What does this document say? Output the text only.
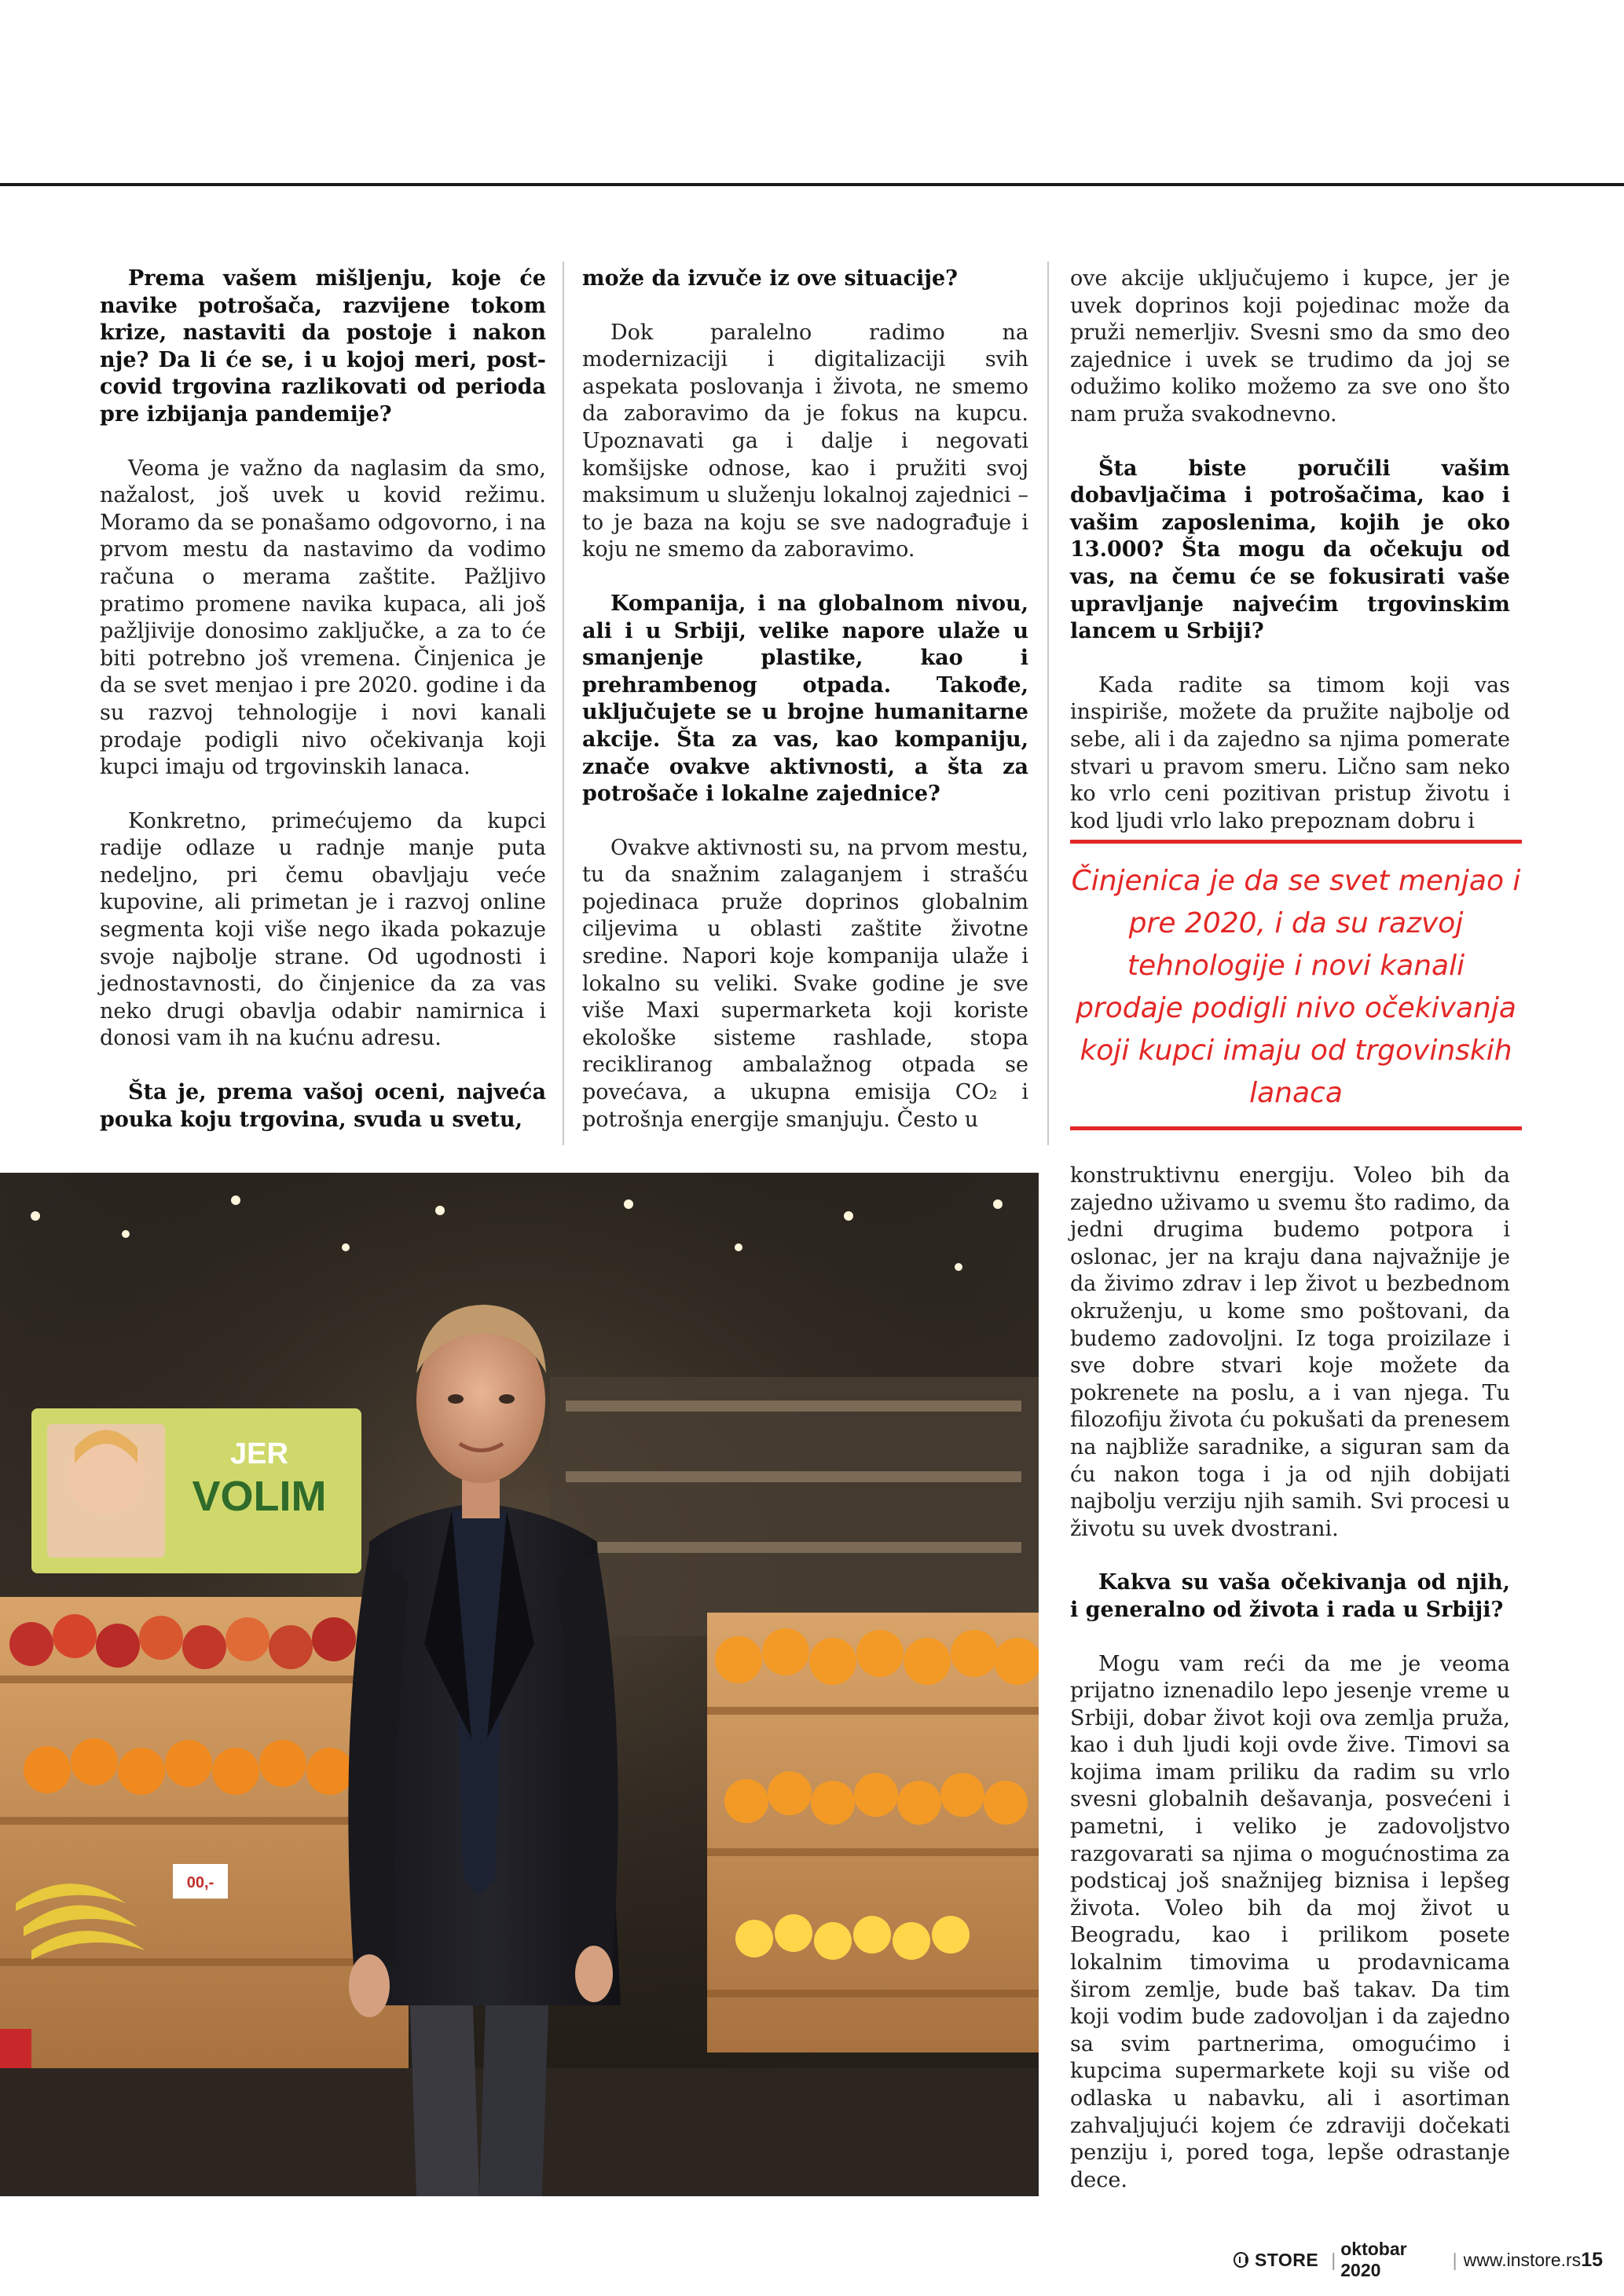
Prema vašem mišljenju, koje će navike potrošača, razvijene tokom krize, nastaviti da postoje i nakon nje? Da li će se, i u kojoj meri, post-covid trgovina razlikovati od perioda pre izbijanja pandemije?

Veoma je važno da naglasim da smo, nažalost, još uvek u kovid režimu. Moramo da se ponašamo odgovorno, i na prvom mestu da nastavimo da vodimo računa o merama zaštite. Pažljivo pratimo promene navika kupaca, ali još pažljivije donosimo zaključke, a za to će biti potrebno još vremena. Činjenica je da se svet menjao i pre 2020. godine i da su razvoj tehnologije i novi kanali prodaje podigli nivo očekivanja koji kupci imaju od trgovinskih lanaca.

Konkretno, primećujemo da kupci radije odlaze u radnje manje puta nedeljno, pri čemu obavljaju veće kupovine, ali primetan je i razvoj online segmenta koji više nego ikada pokazuje svoje najbolje strane. Od ugodnosti i jednostavnosti, do činjenice da za vas neko drugi obavlja odabir namirnica i donosi vam ih na kućnu adresu.

Šta je, prema vašoj oceni, najveća pouka koju trgovina, svuda u svetu,

može da izvuče iz ove situacije?

Dok paralelno radimo na modernizaciji i digitalizaciji svih aspekata poslovanja i života, ne smemo da zaboravimo da je fokus na kupcu. Upoznavati ga i dalje i negovati komšijske odnose, kao i pružiti svoj maksimum u služenju lokalnoj zajednici – to je baza na koju se sve nadograđuje i koju ne smemo da zaboravimo.

Kompanija, i na globalnom nivou, ali i u Srbiji, velike napore ulaže u smanjenje plastike, kao i prehrambenog otpada. Takođe, uključujete se u brojne humanitarne akcije. Šta za vas, kao kompaniju, znače ovakve aktivnosti, a šta za potrošače i lokalne zajednice?

Ovakve aktivnosti su, na prvom mestu, tu da snažnim zalaganjem i strašću pojedinaca pruže doprinos globalnim ciljevima u oblasti zaštite životne sredine. Napori koje kompanija ulaže i lokalno su veliki. Svake godine je sve više Maxi supermarketa koji koriste ekološke sisteme rashlade, stopa recikliranog ambalažnog otpada se povećava, a ukupna emisija CO₂ i potrošnja energije smanjuju. Često u

ove akcije uključujemo i kupce, jer je uvek doprinos koji pojedinac može da pruži nemerljiv. Svesni smo da smo deo zajednice i uvek se trudimo da joj se odužimo koliko možemo za sve ono što nam pruža svakodnevno.

Šta biste poručili vašim dobavljačima i potrošačima, kao i vašim zaposlenima, kojih je oko 13.000? Šta mogu da očekuju od vas, na čemu će se fokusirati vaše upravljanje najvećim trgovinskim lancem u Srbiji?

Kada radite sa timom koji vas inspiriše, možete da pružite najbolje od sebe, ali i da zajedno sa njima pomerate stvari u pravom smeru. Lično sam neko ko vrlo ceni pozitivan pristup životu i kod ljudi vrlo lako prepoznam dobru i

Činjenica je da se svet menjao i pre 2020, i da su razvoj tehnologije i novi kanali prodaje podigli nivo očekivanja koji kupci imaju od trgovinskih lanaca

konstruktivnu energiju. Voleo bih da zajedno uživamo u svemu što radimo, da jedni drugima budemo potpora i oslonac, jer na kraju dana najvažnije je da živimo zdrav i lep život u bezbednom okruženju, u kome smo poštovani, da budemo zadovoljni. Iz toga proizilaze i sve dobre stvari koje možete da pokrenete na poslu, a i van njega. Tu filozofiju života ću pokušati da prenesem na najbliže saradnike, a siguran sam da ću nakon toga i ja od njih dobijati najbolju verziju njih samih. Svi procesi u životu su uvek dvostrani.

Kakva su vaša očekivanja od njih, i generalno od života i rada u Srbiji?

Mogu vam reći da me je veoma prijatno iznenadilo lepo jesenje vreme u Srbiji, dobar život koji ova zemlja pruža, kao i duh ljudi koji ovde žive. Timovi sa kojima imam priliku da radim su vrlo svesni globalnih dešavanja, posvećeni i pametni, i veliko je zadovoljstvo razgovarati sa njima o mogućnostima za podsticaj još snažnijeg biznisa i lepšeg života. Voleo bih da moj život u Beogradu, kao i prilikom posete lokalnim timovima u prodavnicama širom zemlje, bude baš takav. Da tim koji vodim bude zadovoljan i da zajedno sa svim partnerima, omogućimo i kupcima supermarkete koji su više od odlaska u nabavku, ali i asortiman zahvaljujući kojem će zdraviji dočekati penziju i, pored toga, lepše odrastanje dece.

JER
VOLIM
00,-
STORE |
oktobar 2020
| www.instore.rs 15
